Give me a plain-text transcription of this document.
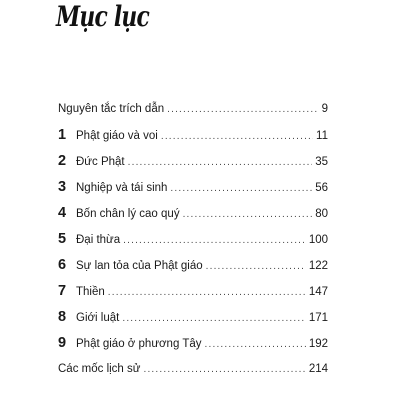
Mục lục
Nguyên tắc trích dẫn .....	9
1 Phật giáo và voi .....	11
2 Đức Phật .....	35
3 Nghiệp và tái sinh .....	56
4 Bốn chân lý cao quý .....	80
5 Đại thừa .....	100
6 Sự lan tỏa của Phật giáo .....	122
7 Thiền .....	147
8 Giới luật .....	171
9 Phật giáo ở phương Tây .....	192
Các mốc lịch sử .....	214
